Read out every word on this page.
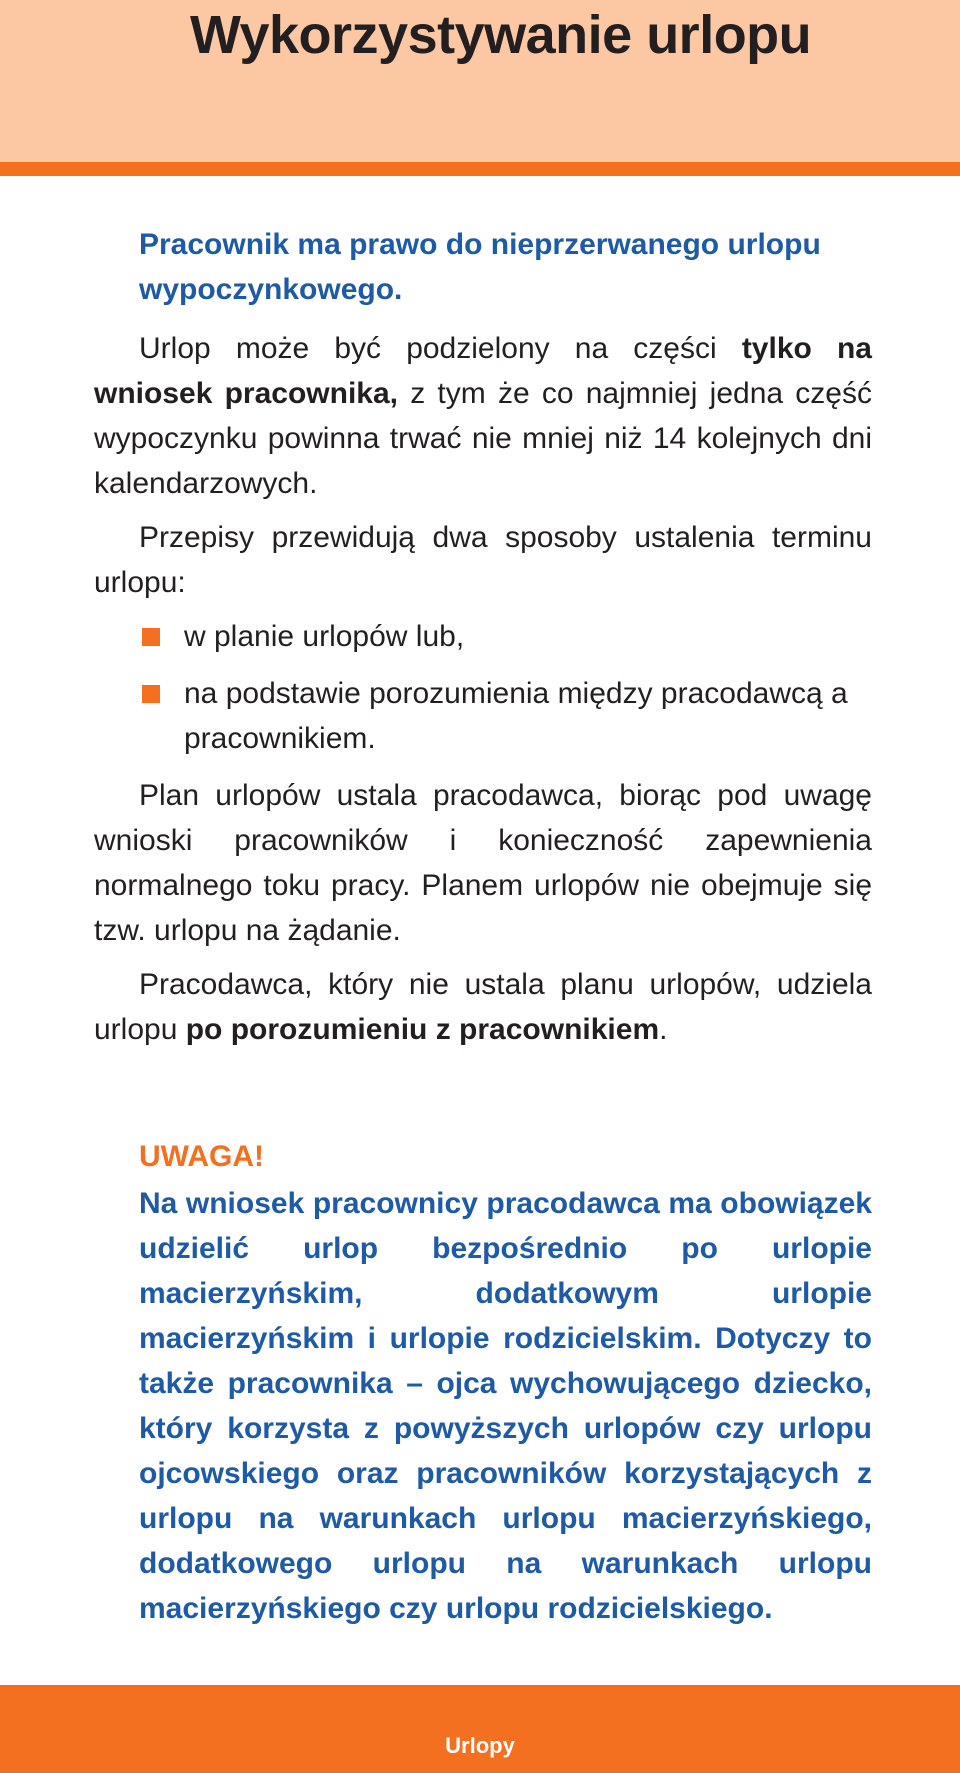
Wykorzystywanie urlopu
Pracownik ma prawo do nieprzerwanego urlopu wypoczynkowego.

Urlop może być podzielony na części tylko na wniosek pracownika, z tym że co najmniej jedna część wypoczynku powinna trwać nie mniej niż 14 kolejnych dni kalendarzowych.

Przepisy przewidują dwa sposoby ustalenia terminu urlopu:

w planie urlopów lub,
na podstawie porozumienia między pracodawcą a pracownikiem.

Plan urlopów ustala pracodawca, biorąc pod uwagę wnioski pracowników i konieczność zapewnienia normalnego toku pracy. Planem urlopów nie obejmuje się tzw. urlopu na żądanie.

Pracodawca, który nie ustala planu urlopów, udziela urlopu po porozumieniu z pracownikiem.

UWAGA!
Na wniosek pracownicy pracodawca ma obowiązek udzielić urlop bezpośrednio po urlopie macierzyńskim, dodatkowym urlopie macierzyńskim i urlopie rodzicielskim. Dotyczy to także pracownika – ojca wychowującego dziecko, który korzysta z powyższych urlopów czy urlopu ojcowskiego oraz pracowników korzystających z urlopu na warunkach urlopu macierzyńskiego, dodatkowego urlopu na warunkach urlopu macierzyńskiego czy urlopu rodzicielskiego.
Urlopy
